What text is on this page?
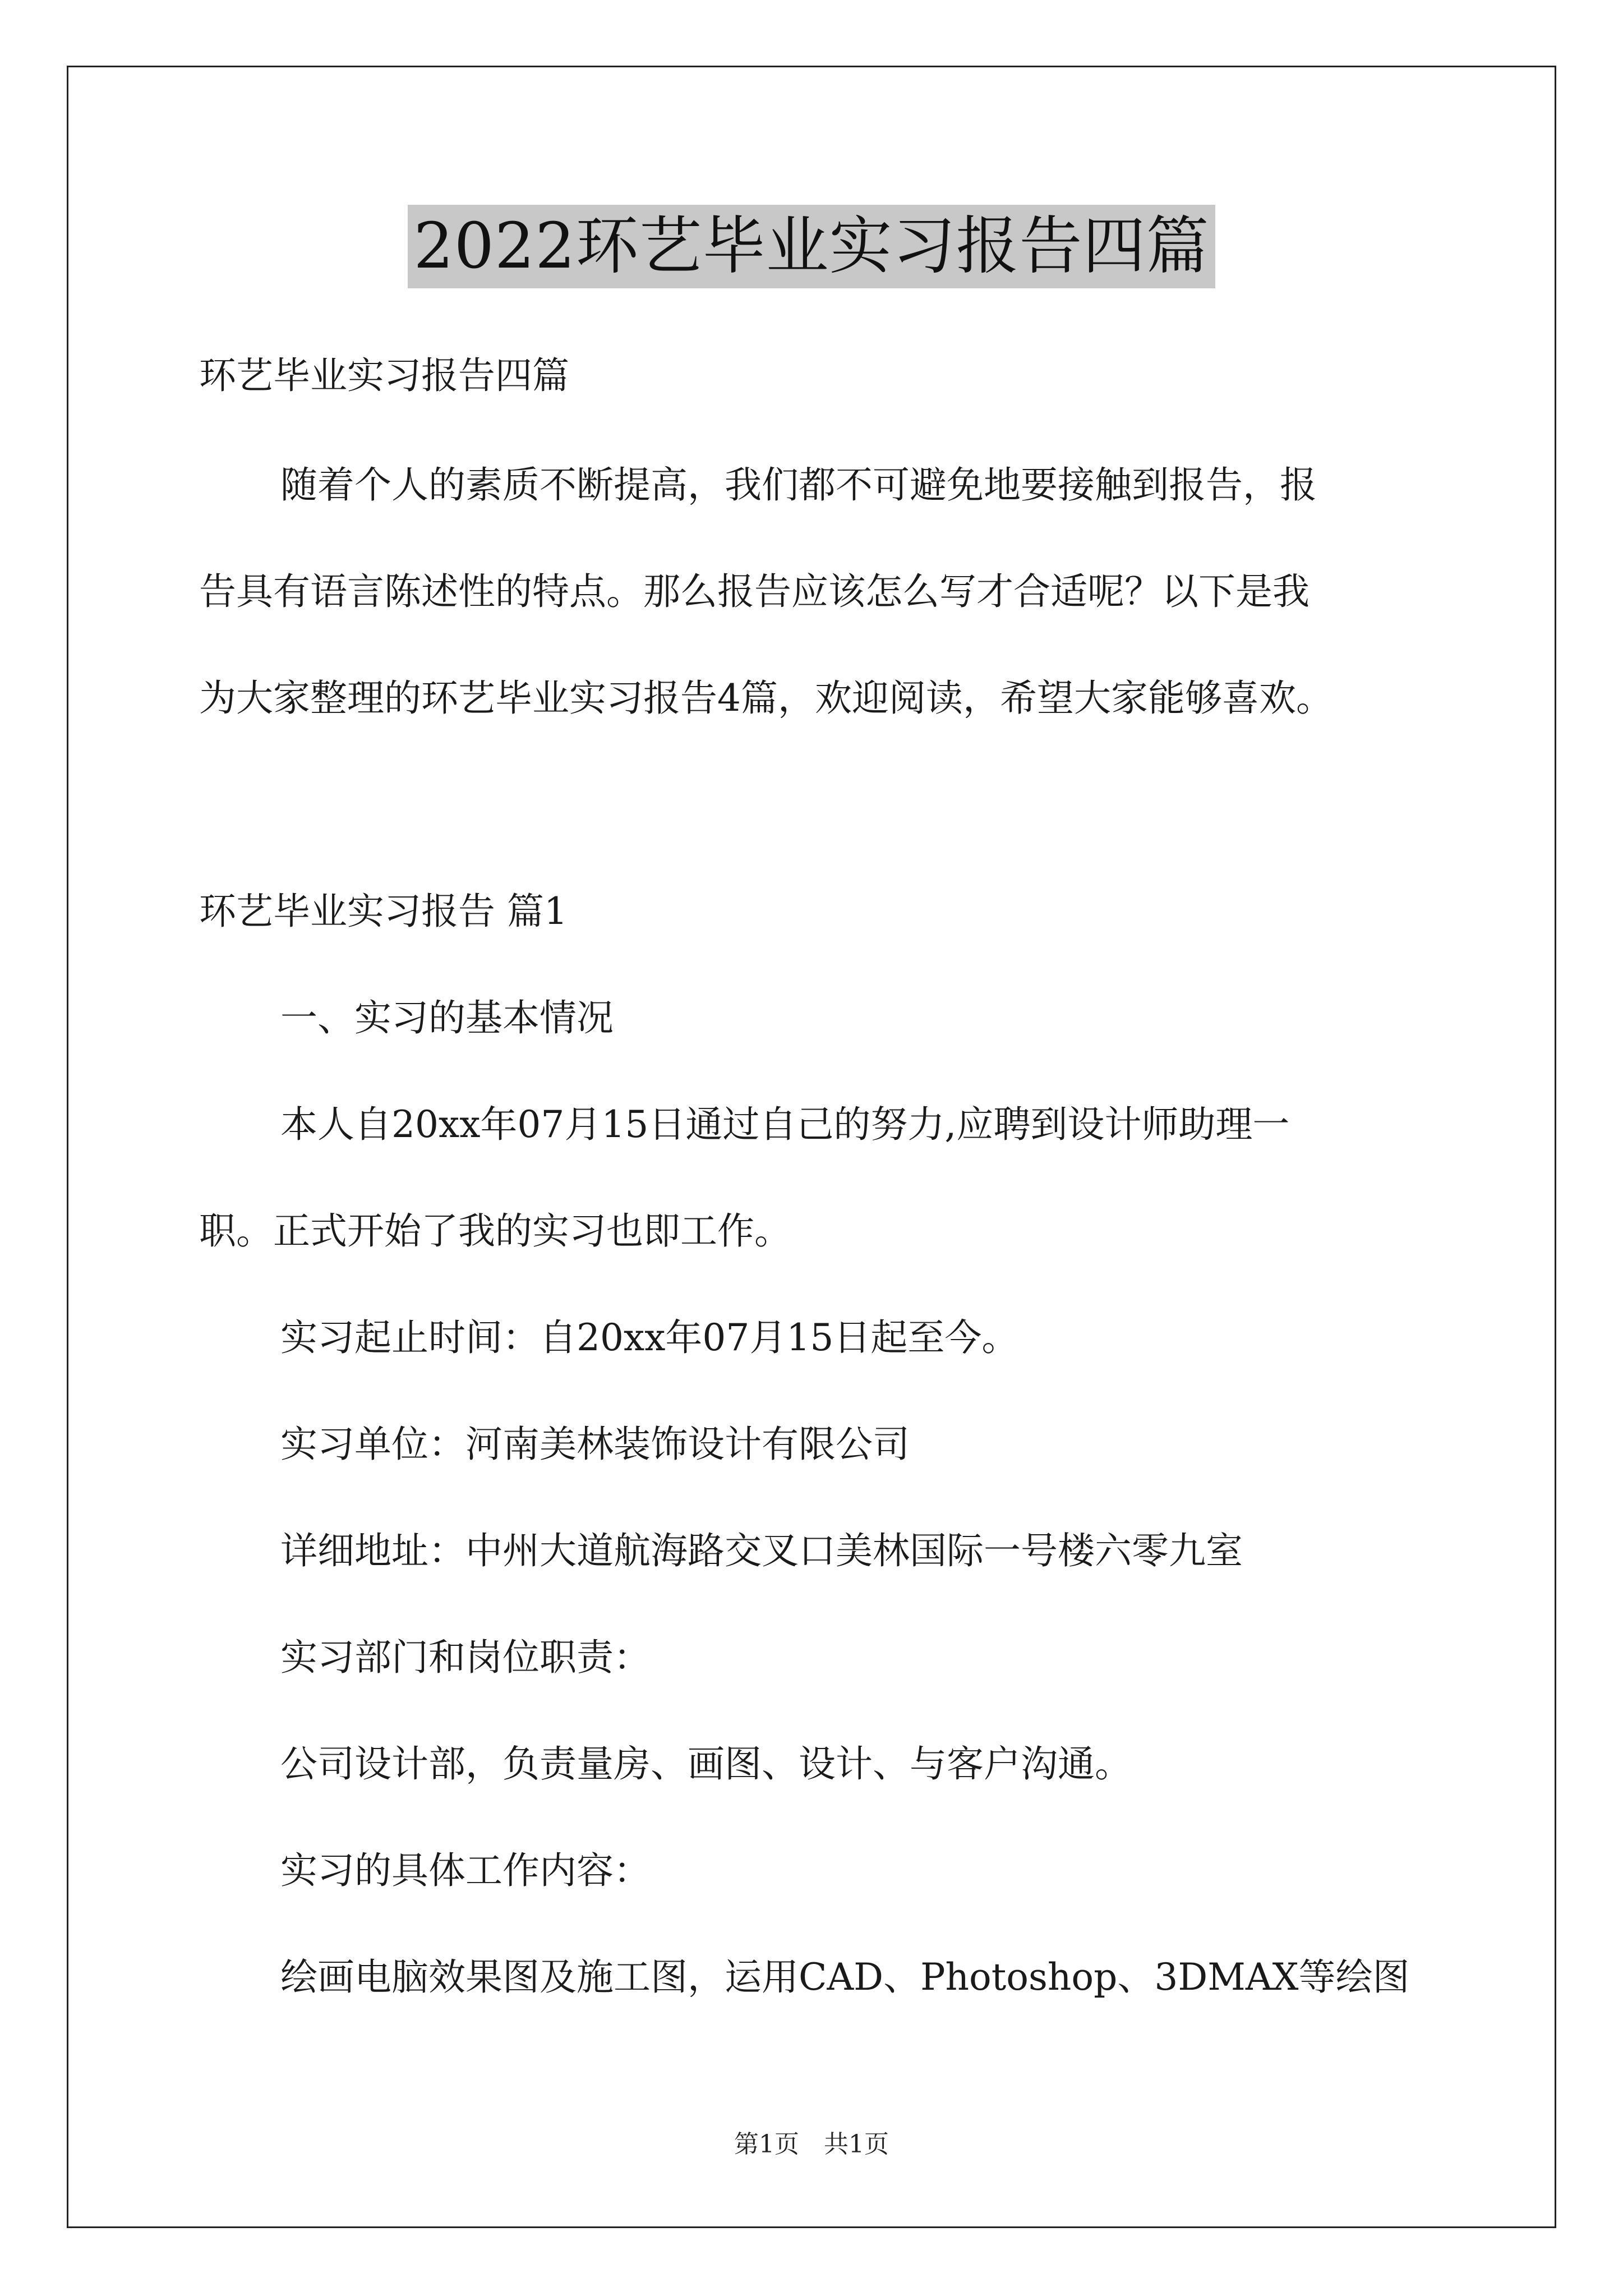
2022环艺毕业实习报告四篇
环艺毕业实习报告四篇
随着个人的素质不断提高，我们都不可避免地要接触到报告，报
告具有语言陈述性的特点。那么报告应该怎么写才合适呢？以下是我
为大家整理的环艺毕业实习报告4篇，欢迎阅读，希望大家能够喜欢。
环艺毕业实习报告 篇1
一、实习的基本情况
本人自20xx年07月15日通过自己的努力,应聘到设计师助理一
职。正式开始了我的实习也即工作。
实习起止时间：自20xx年07月15日起至今。
实习单位：河南美林装饰设计有限公司
详细地址：中州大道航海路交叉口美林国际一号楼六零九室
实习部门和岗位职责：
公司设计部，负责量房、画图、设计、与客户沟通。
实习的具体工作内容：
绘画电脑效果图及施工图，运用CAD、Photoshop、3DMAX等绘图
第1页　共1页
